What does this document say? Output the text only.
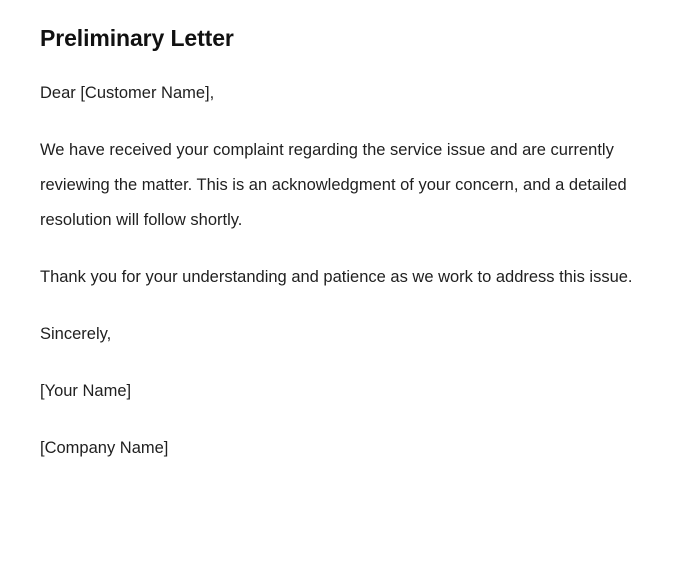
Preliminary Letter

Dear [Customer Name],

We have received your complaint regarding the service issue and are currently reviewing the matter. This is an acknowledgment of your concern, and a detailed resolution will follow shortly.

Thank you for your understanding and patience as we work to address this issue.

Sincerely,

[Your Name]

[Company Name]
